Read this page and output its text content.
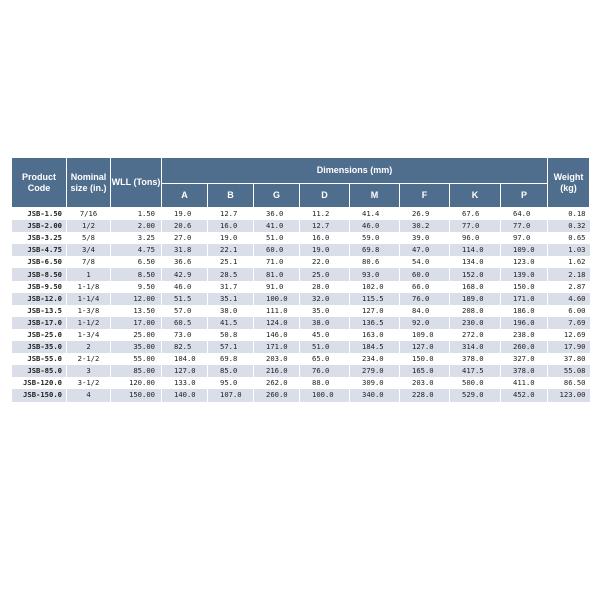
Product Code	Nominal size (in.)	WLL (Tons)	Dimensions (mm)								Weight (kg)
			A	B	G	D	M	F	K	P	
JSB-1.50	7/16	1.50	19.0	12.7	36.0	11.2	41.4	26.9	67.6	64.0	0.18
JSB-2.00	1/2	2.00	20.6	16.0	41.0	12.7	46.0	30.2	77.0	77.0	0.32
JSB-3.25	5/8	3.25	27.0	19.0	51.0	16.0	59.0	39.0	96.0	97.0	0.65
JSB-4.75	3/4	4.75	31.8	22.1	60.0	19.0	69.8	47.0	114.0	109.0	1.03
JSB-6.50	7/8	6.50	36.6	25.1	71.0	22.0	80.6	54.0	134.0	123.0	1.62
JSB-8.50	1	8.50	42.9	28.5	81.0	25.0	93.0	60.0	152.0	139.0	2.18
JSB-9.50	1-1/8	9.50	46.0	31.7	91.0	28.0	102.0	66.0	168.0	150.0	2.87
JSB-12.0	1-1/4	12.00	51.5	35.1	100.0	32.0	115.5	76.0	189.0	171.0	4.60
JSB-13.5	1-3/8	13.50	57.0	38.0	111.0	35.0	127.0	84.0	208.0	186.0	6.00
JSB-17.0	1-1/2	17.00	60.5	41.5	124.0	38.0	136.5	92.0	230.0	196.0	7.69
JSB-25.0	1-3/4	25.00	73.0	50.8	146.0	45.0	163.0	109.0	272.0	238.0	12.69
JSB-35.0	2	35.00	82.5	57.1	171.0	51.0	184.5	127.0	314.0	260.0	17.90
JSB-55.0	2-1/2	55.00	104.0	69.8	203.0	65.0	234.0	150.0	378.0	327.0	37.80
JSB-85.0	3	85.00	127.0	85.0	216.0	76.0	279.0	165.0	417.5	378.0	55.08
JSB-120.0	3-1/2	120.00	133.0	95.0	262.0	88.0	309.0	203.0	500.0	411.0	86.50
JSB-150.0	4	150.00	140.0	107.0	260.0	100.0	340.0	228.0	529.0	452.0	123.00
